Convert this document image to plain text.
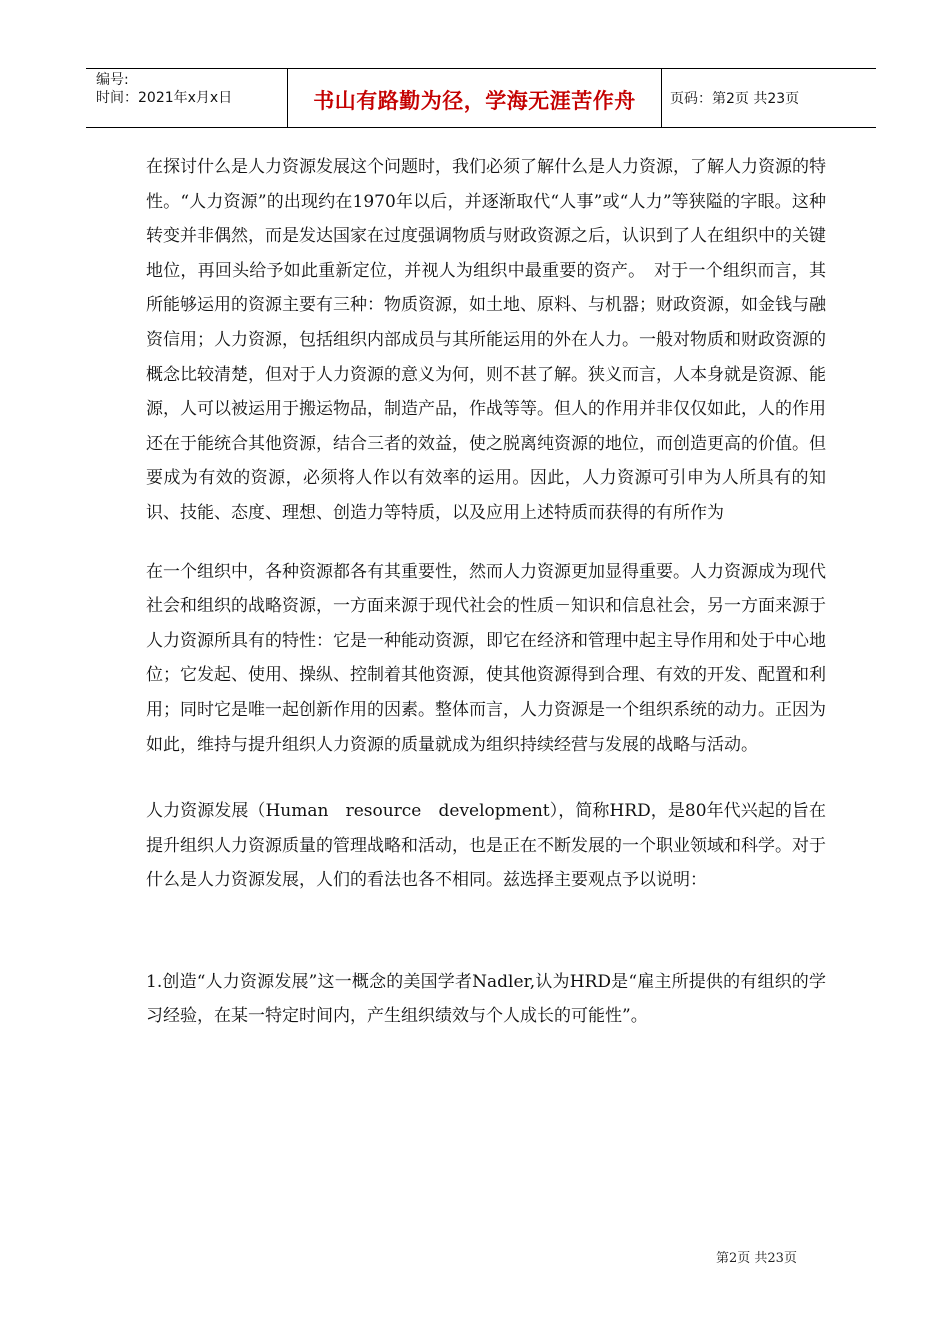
编号:
时间：2021年x月x日	书山有路勤为径，学海无涯苦作舟 页码：第2页 共23页

在探讨什么是人力资源发展这个问题时，我们必须了解什么是人力资源，了解人力资源的特性。“人力资源”的出现约在1970年以后，并逐渐取代“人事”或“人力”等狭隘的字眼。这种转变并非偶然，而是发达国家在过度强调物质与财政资源之后，认识到了人在组织中的关键地位，再回头给予如此重新定位，并视人为组织中最重要的资产。　对于一个组织而言，其所能够运用的资源主要有三种：物质资源，如土地、原料、与机器；财政资源，如金钱与融资信用；人力资源，包括组织内部成员与其所能运用的外在人力。一般对物质和财政资源的概念比较清楚，但对于人力资源的意义为何，则不甚了解。狭义而言，人本身就是资源、能源，人可以被运用于搬运物品，制造产品，作战等等。但人的作用并非仅仅如此，人的作用还在于能统合其他资源，结合三者的效益，使之脱离纯资源的地位，而创造更高的价值。但要成为有效的资源，必须将人作以有效率的运用。因此，人力资源可引申为人所具有的知识、技能、态度、理想、创造力等特质，以及应用上述特质而获得的有所作为

在一个组织中，各种资源都各有其重要性，然而人力资源更加显得重要。人力资源成为现代社会和组织的战略资源，一方面来源于现代社会的性质－知识和信息社会，另一方面来源于人力资源所具有的特性：它是一种能动资源，即它在经济和管理中起主导作用和处于中心地位；它发起、使用、操纵、控制着其他资源，使其他资源得到合理、有效的开发、配置和利用；同时它是唯一起创新作用的因素。整体而言，人力资源是一个组织系统的动力。正因为如此，维持与提升组织人力资源的质量就成为组织持续经营与发展的战略与活动。

人力资源发展（Human　resource　development），简称HRD，是80年代兴起的旨在提升组织人力资源质量的管理战略和活动，也是正在不断发展的一个职业领域和科学。对于什么是人力资源发展，人们的看法也各不相同。兹选择主要观点予以说明：

1.创造“人力资源发展”这一概念的美国学者Nadler,认为HRD是“雇主所提供的有组织的学习经验，在某一特定时间内，产生组织绩效与个人成长的可能性”。

第2页 共23页
